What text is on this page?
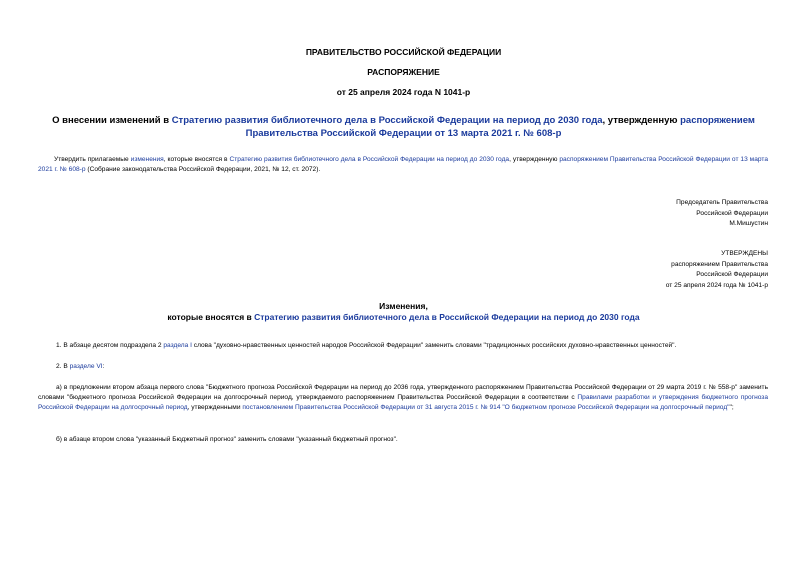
ПРАВИТЕЛЬСТВО РОССИЙСКОЙ ФЕДЕРАЦИИ
РАСПОРЯЖЕНИЕ
от 25 апреля 2024 года N 1041-р
О внесении изменений в Стратегию развития библиотечного дела в Российской Федерации на период до 2030 года, утвержденную распоряжением Правительства Российской Федерации от 13 марта 2021 г. № 608-р
Утвердить прилагаемые изменения, которые вносятся в Стратегию развития библиотечного дела в Российской Федерации на период до 2030 года, утвержденную распоряжением Правительства Российской Федерации от 13 марта 2021 г. № 608-р (Собрание законодательства Российской Федерации, 2021, № 12, ст. 2072).
Председатель Правительства
Российской Федерации
М.Мишустин
УТВЕРЖДЕНЫ
распоряжением Правительства
Российской Федерации
от 25 апреля 2024 года № 1041-р
Изменения,
которые вносятся в Стратегию развития библиотечного дела в Российской Федерации на период до 2030 года
1. В абзаце десятом подраздела 2 раздела I слова "духовно-нравственных ценностей народов Российской Федерации" заменить словами "традиционных российских духовно-нравственных ценностей".
2. В разделе VI:
а) в предложении втором абзаца первого слова "Бюджетного прогноза Российской Федерации на период до 2036 года, утвержденного распоряжением Правительства Российской Федерации от 29 марта 2019 г. № 558-р" заменить словами "бюджетного прогноза Российской Федерации на долгосрочный период, утверждаемого распоряжением Правительства Российской Федерации в соответствии с Правилами разработки и утверждения бюджетного прогноза Российской Федерации на долгосрочный период, утвержденными постановлением Правительства Российской Федерации от 31 августа 2015 г. № 914 "О бюджетном прогнозе Российской Федерации на долгосрочный период"";
б) в абзаце втором слова "указанный Бюджетный прогноз" заменить словами "указанный бюджетный прогноз".
